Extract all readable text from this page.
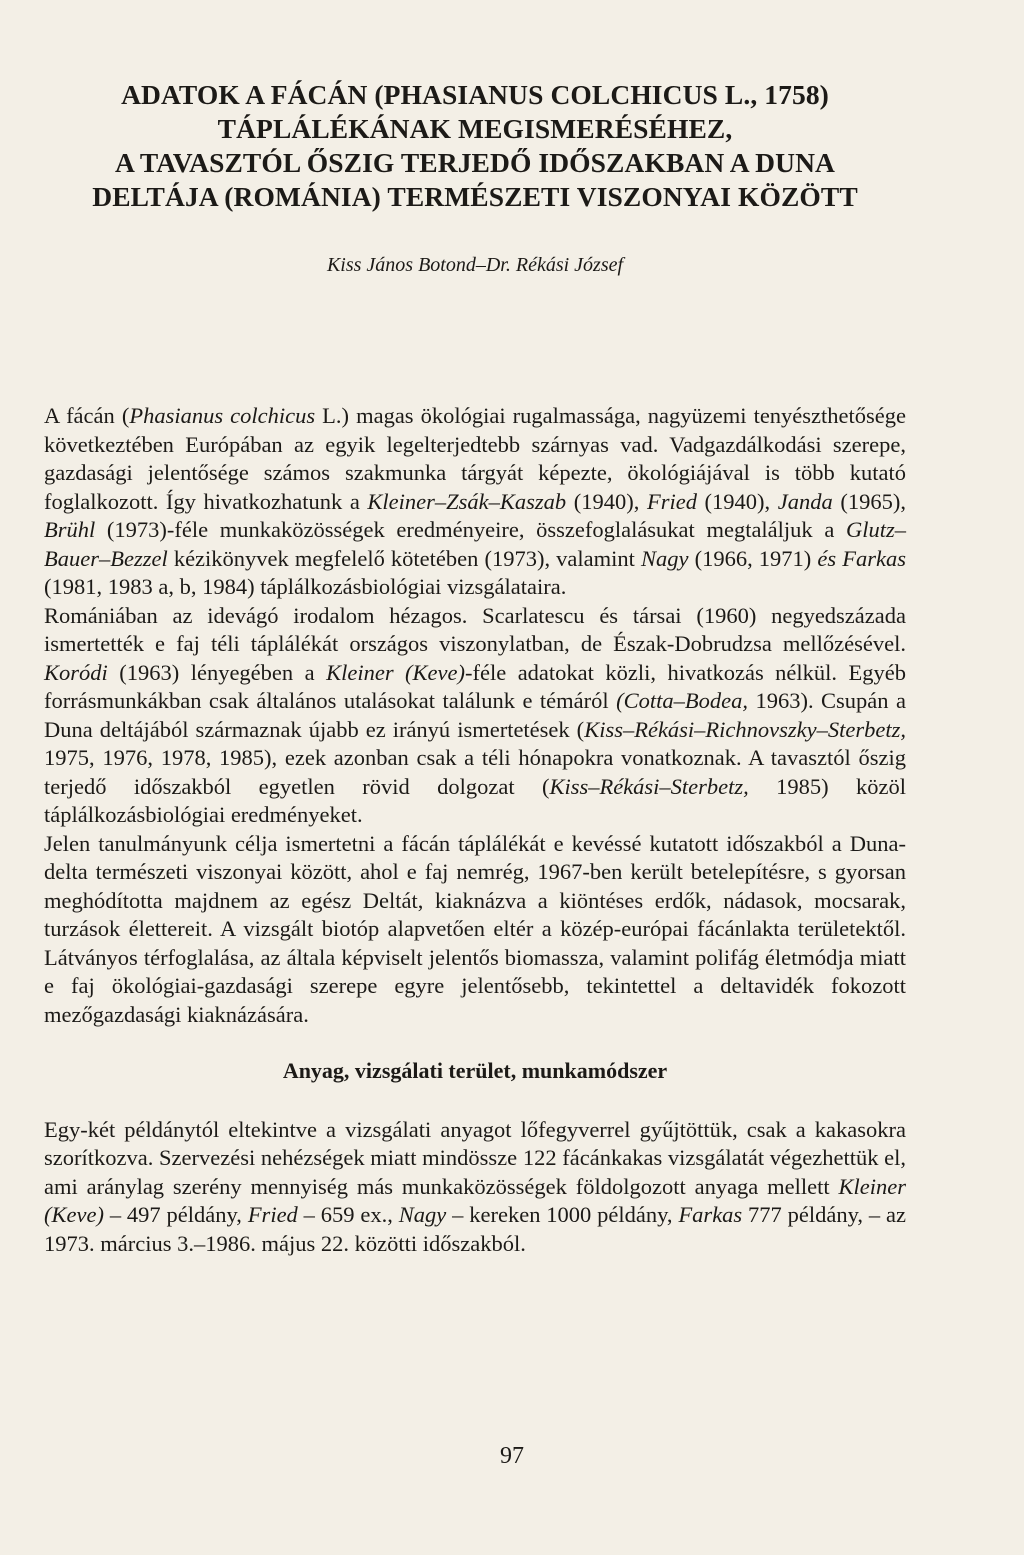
ADATOK A FÁCÁN (PHASIANUS COLCHICUS L., 1758)
TÁPLÁLÉKÁNAK MEGISMERÉSÉHEZ,
A TAVASZTÓL ŐSZIG TERJEDŐ IDŐSZAKBAN A DUNA
DELTÁJA (ROMÁNIA) TERMÉSZETI VISZONYAI KÖZÖTT

Kiss János Botond–Dr. Rékási József

A fácán (Phasianus colchicus L.) magas ökológiai rugalmassága, nagyüzemi tenyészthetősége következtében Európában az egyik legelterjedtebb szárnyas vad. Vadgazdálkodási szerepe, gazdasági jelentősége számos szakmunka tárgyát képezte, ökológiájával is több kutató foglalkozott. Így hivatkozhatunk a Kleiner–Zsák–Kaszab (1940), Fried (1940), Janda (1965), Brühl (1973)-féle munkaközösségek eredményeire, összefoglalásukat megtaláljuk a Glutz–Bauer–Bezzel kézikönyvek megfelelő kötetében (1973), valamint Nagy (1966, 1971) és Farkas (1981, 1983 a, b, 1984) táplálkozásbiológiai vizsgálataira.

Romániában az idevágó irodalom hézagos. Scarlatescu és társai (1960) negyedszázada ismertették e faj téli táplálékát országos viszonylatban, de Észak-Dobrudzsa mellőzésével. Koródi (1963) lényegében a Kleiner (Keve)-féle adatokat közli, hivatkozás nélkül. Egyéb forrásmunkákban csak általános utalásokat találunk e témáról (Cotta–Bodea, 1963). Csupán a Duna deltájából származnak újabb ez irányú ismertetések (Kiss–Rékási–Richnovszky–Sterbetz, 1975, 1976, 1978, 1985), ezek azonban csak a téli hónapokra vonatkoznak. A tavasztól őszig terjedő időszakból egyetlen rövid dolgozat (Kiss–Rékási–Sterbetz, 1985) közöl táplálkozásbiológiai eredményeket.

Jelen tanulmányunk célja ismertetni a fácán táplálékát e kevéssé kutatott időszakból a Duna-delta természeti viszonyai között, ahol e faj nemrég, 1967-ben került betelepítésre, s gyorsan meghódította majdnem az egész Deltát, kiaknázva a kiöntéses erdők, nádasok, mocsarak, turzások élettereit. A vizsgált biotóp alapvetően eltér a közép-európai fácánlakta területektől. Látványos térfoglalása, az általa képviselt jelentős biomassza, valamint polifág életmódja miatt e faj ökológiai-gazdasági szerepe egyre jelentősebb, tekintettel a deltavidék fokozott mezőgazdasági kiaknázására.

Anyag, vizsgálati terület, munkamódszer

Egy-két példánytól eltekintve a vizsgálati anyagot lőfegyverrel gyűjtöttük, csak a kakasokra szorítkozva. Szervezési nehézségek miatt mindössze 122 fácánkakas vizsgálatát végezhettük el, ami aránylag szerény mennyiség más munkaközösségek földolgozott anyaga mellett Kleiner (Keve) – 497 példány, Fried – 659 ex., Nagy – kereken 1000 példány, Farkas 777 példány, – az 1973. március 3.–1986. május 22. közötti időszakból.

97
